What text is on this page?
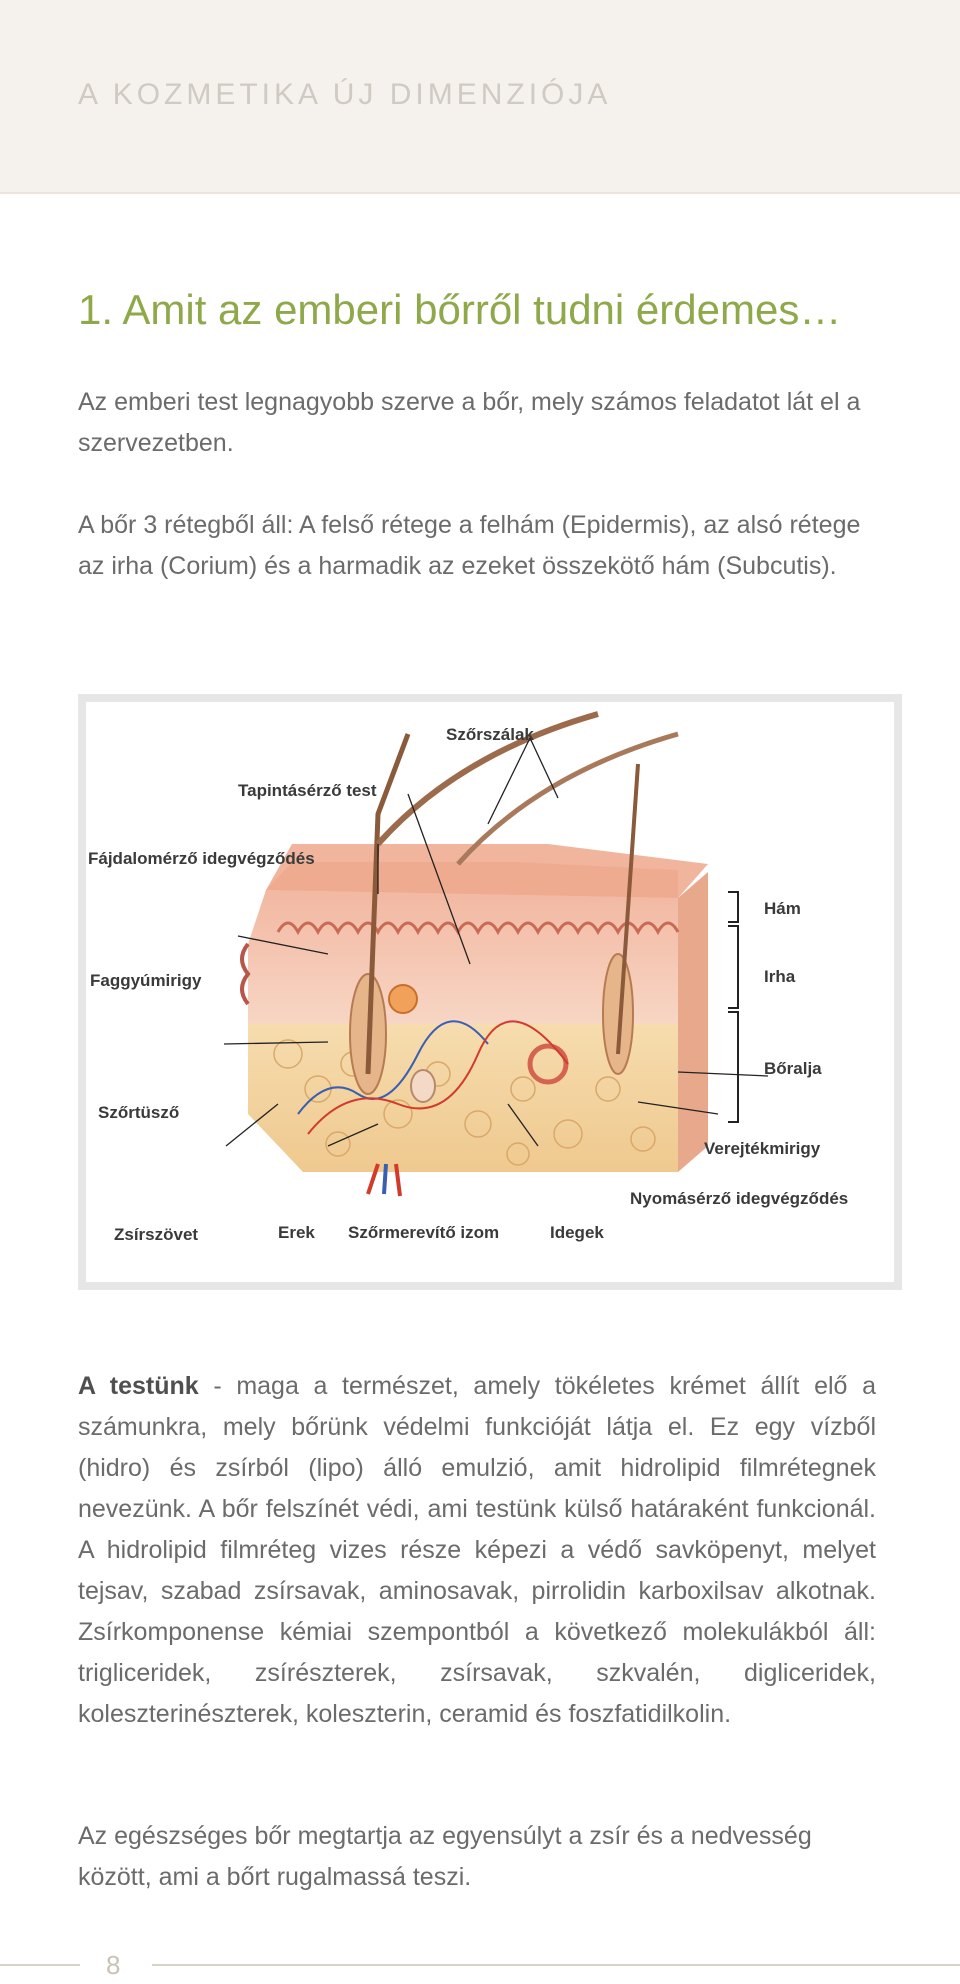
A KOZMETIKA ÚJ DIMENZIÓJA
1. Amit az emberi bőrről tudni érdemes…

Az emberi test legnagyobb szerve a bőr, mely számos feladatot lát el a szervezetben.

A bőr 3 rétegből áll: A felső rétege a felhám (Epidermis), az alsó rétege az irha (Corium) és a harmadik az ezeket összekötő hám (Subcutis).

Szőrszálak
Tapintásérző test
Fájdalomérző idegvégződés
Faggyúmirigy
Szőrtüsző
Zsírszövet	Erek Szőrmerevítő izom	Idegek
Hám
Irha
Bőralja
Verejtékmirigy
Nyomásérző idegvégződés

A testünk - maga a természet, amely tökéletes krémet állít elő a számunkra, mely bőrünk védelmi funkcióját látja el. Ez egy vízből (hidro) és zsírból (lipo) álló emulzió, amit hidrolipid filmrétegnek nevezünk. A bőr felszínét védi, ami testünk külső határaként funkcionál. A hidrolipid filmréteg vizes része képezi a védő savköpenyt, melyet tejsav, szabad zsírsavak, aminosavak, pirrolidin karboxilsav alkotnak. Zsírkomponense kémiai szempontból a következő molekulákból áll: trigliceridek, zsírészterek, zsírsavak, szkvalén, digliceridek, koleszterinészterek, koleszterin, ceramid és foszfatidilkolin.

Az egészséges bőr megtartja az egyensúlyt a zsír és a nedvesség között, ami a bőrt rugalmassá teszi.

8
